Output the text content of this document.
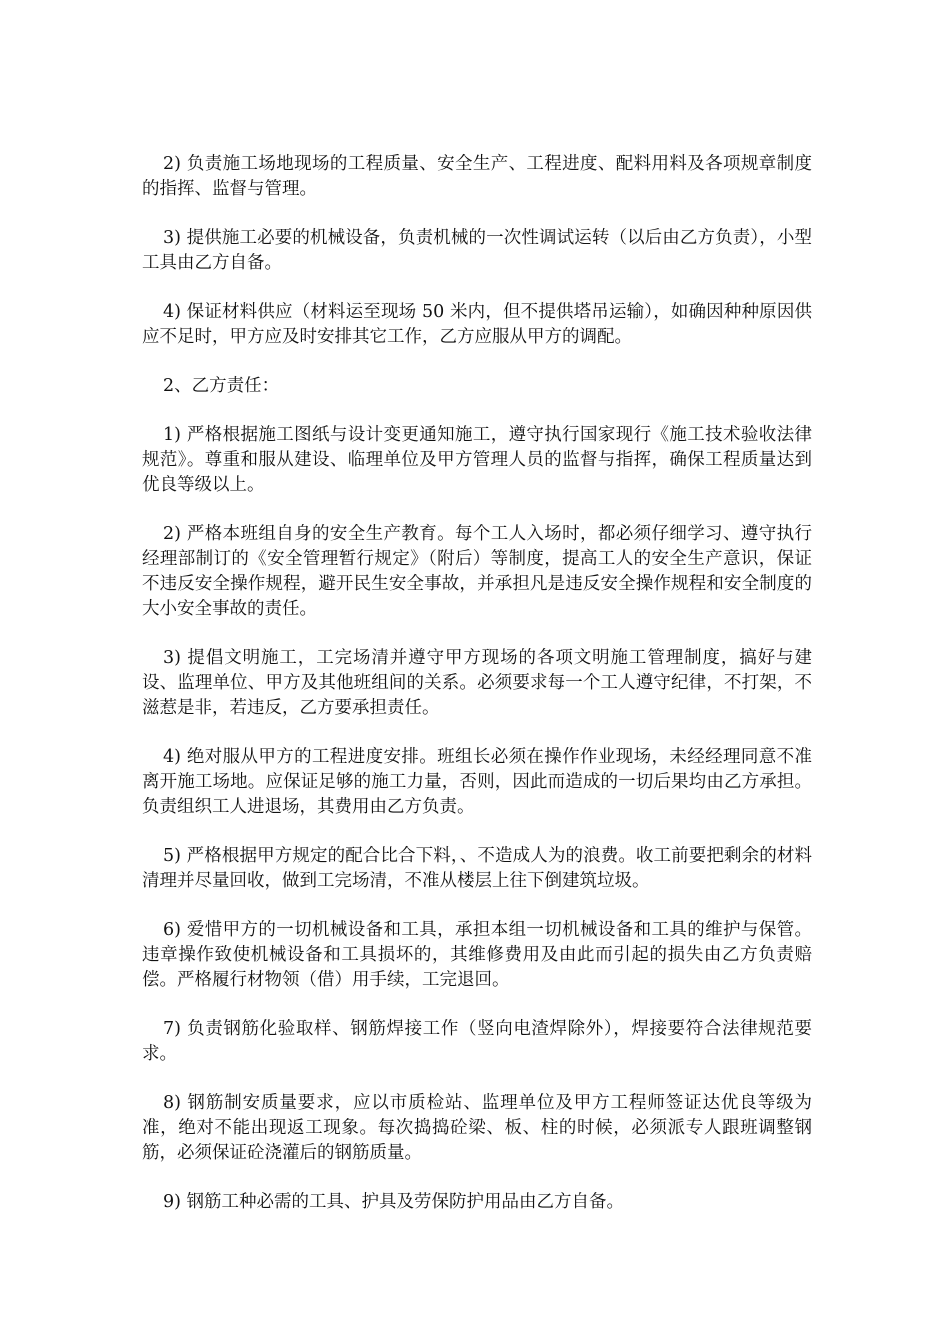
2) 负责施工场地现场的工程质量、安全生产、工程进度、配料用料及各项规章制度的指挥、监督与管理。

3) 提供施工必要的机械设备，负责机械的一次性调试运转（以后由乙方负责），小型工具由乙方自备。

4) 保证材料供应（材料运至现场 50 米内，但不提供塔吊运输），如确因种种原因供应不足时，甲方应及时安排其它工作，乙方应服从甲方的调配。

2、乙方责任：

1) 严格根据施工图纸与设计变更通知施工，遵守执行国家现行《施工技术验收法律规范》。尊重和服从建设、临理单位及甲方管理人员的监督与指挥，确保工程质量达到优良等级以上。

2) 严格本班组自身的安全生产教育。每个工人入场时，都必须仔细学习、遵守执行经理部制订的《安全管理暂行规定》（附后）等制度，提高工人的安全生产意识，保证不违反安全操作规程，避开民生安全事故，并承担凡是违反安全操作规程和安全制度的大小安全事故的责任。

3) 提倡文明施工，工完场清并遵守甲方现场的各项文明施工管理制度，搞好与建设、监理单位、甲方及其他班组间的关系。必须要求每一个工人遵守纪律，不打架，不滋惹是非，若违反，乙方要承担责任。

4) 绝对服从甲方的工程进度安排。班组长必须在操作作业现场，未经经理同意不准离开施工场地。应保证足够的施工力量，否则，因此而造成的一切后果均由乙方承担。负责组织工人进退场，其费用由乙方负责。

5) 严格根据甲方规定的配合比合下料，、不造成人为的浪费。收工前要把剩余的材料清理并尽量回收，做到工完场清，不准从楼层上往下倒建筑垃圾。

6) 爱惜甲方的一切机械设备和工具，承担本组一切机械设备和工具的维护与保管。违章操作致使机械设备和工具损坏的，其维修费用及由此而引起的损失由乙方负责赔偿。严格履行材物领（借）用手续，工完退回。

7) 负责钢筋化验取样、钢筋焊接工作（竖向电渣焊除外），焊接要符合法律规范要求。

8) 钢筋制安质量要求，应以市质检站、监理单位及甲方工程师签证达优良等级为准，绝对不能出现返工现象。每次捣捣砼梁、板、柱的时候，必须派专人跟班调整钢筋，必须保证砼浇灌后的钢筋质量。

9) 钢筋工种必需的工具、护具及劳保防护用品由乙方自备。
